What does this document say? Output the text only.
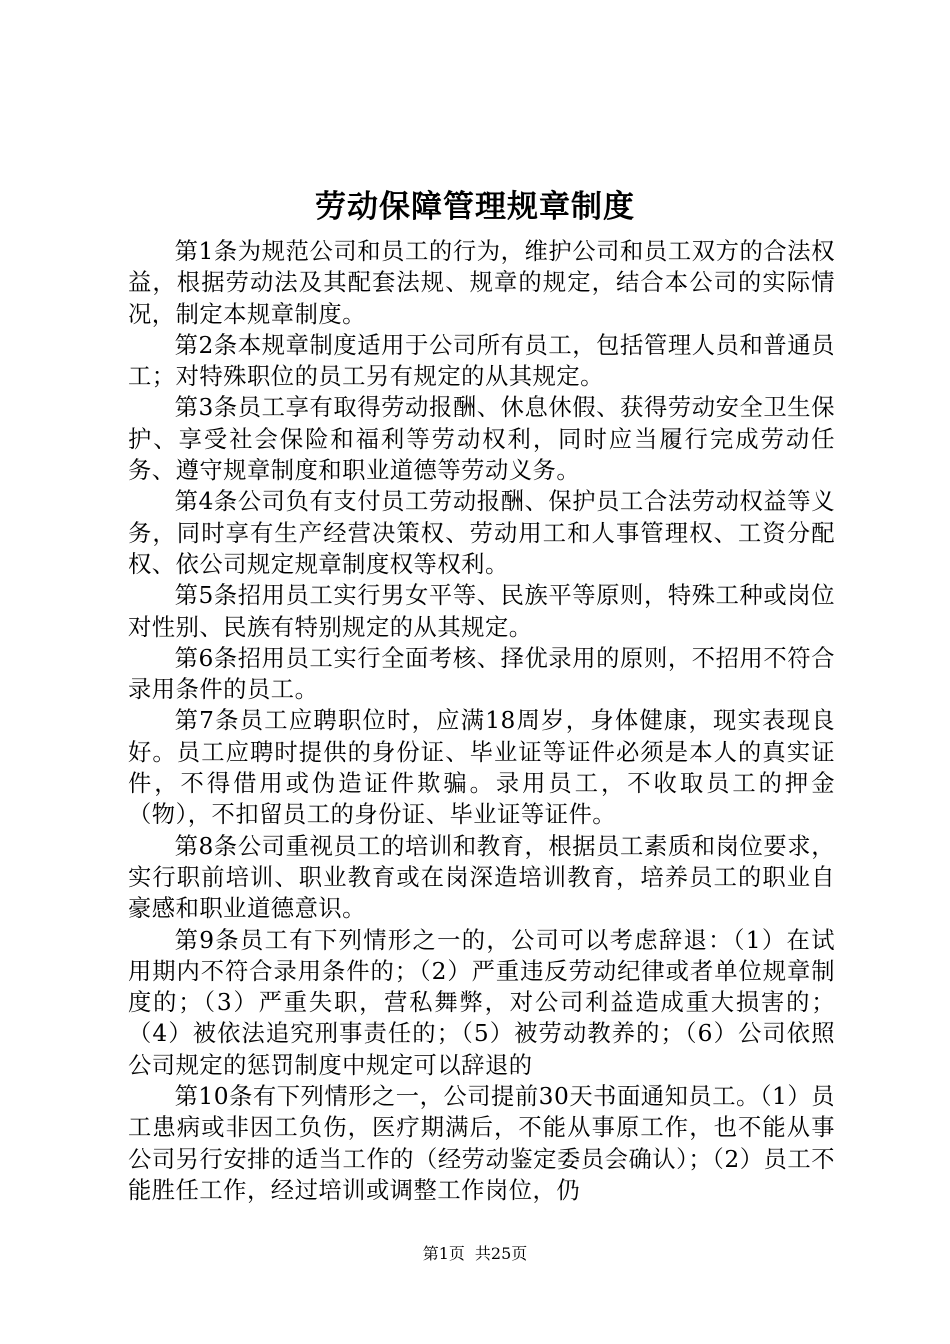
劳动保障管理规章制度

第1条为规范公司和员工的行为，维护公司和员工双方的合法权益，根据劳动法及其配套法规、规章的规定，结合本公司的实际情况，制定本规章制度。

第2条本规章制度适用于公司所有员工，包括管理人员和普通员工；对特殊职位的员工另有规定的从其规定。

第3条员工享有取得劳动报酬、休息休假、获得劳动安全卫生保护、享受社会保险和福利等劳动权利，同时应当履行完成劳动任务、遵守规章制度和职业道德等劳动义务。

第4条公司负有支付员工劳动报酬、保护员工合法劳动权益等义务，同时享有生产经营决策权、劳动用工和人事管理权、工资分配权、依公司规定规章制度权等权利。

第5条招用员工实行男女平等、民族平等原则，特殊工种或岗位对性别、民族有特别规定的从其规定。

第6条招用员工实行全面考核、择优录用的原则，不招用不符合录用条件的员工。

第7条员工应聘职位时，应满18周岁，身体健康，现实表现良好。员工应聘时提供的身份证、毕业证等证件必须是本人的真实证件，不得借用或伪造证件欺骗。录用员工，不收取员工的押金（物），不扣留员工的身份证、毕业证等证件。

第8条公司重视员工的培训和教育，根据员工素质和岗位要求，实行职前培训、职业教育或在岗深造培训教育，培养员工的职业自豪感和职业道德意识。

第9条员工有下列情形之一的，公司可以考虑辞退：（1）在试用期内不符合录用条件的；（2）严重违反劳动纪律或者单位规章制度的；（3）严重失职，营私舞弊，对公司利益造成重大损害的；（4）被依法追究刑事责任的；（5）被劳动教养的；（6）公司依照公司规定的惩罚制度中规定可以辞退的

第10条有下列情形之一，公司提前30天书面通知员工。（1）员工患病或非因工负伤，医疗期满后，不能从事原工作，也不能从事公司另行安排的适当工作的（经劳动鉴定委员会确认）；（2）员工不能胜任工作，经过培训或调整工作岗位，仍

第1页 共25页
